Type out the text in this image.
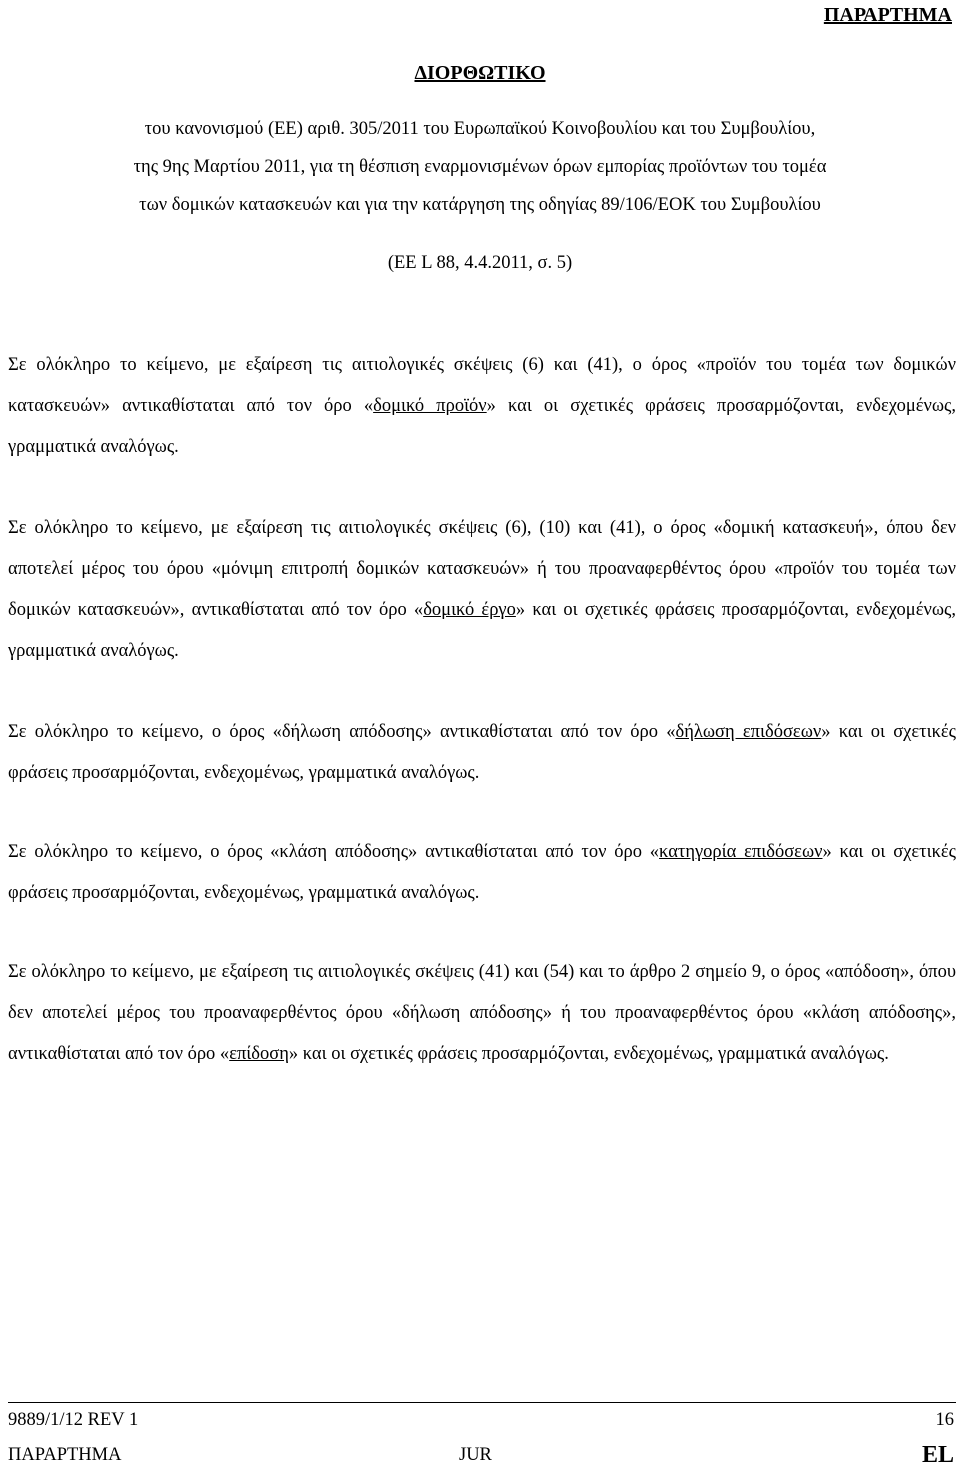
ΠΑΡΑΡΤΗΜΑ
ΔΙΟΡΘΩΤΙΚΟ
του κανονισμού (ΕΕ) αριθ. 305/2011 του Ευρωπαϊκού Κοινοβουλίου και του Συμβουλίου,
της 9ης Μαρτίου 2011, για τη θέσπιση εναρμονισμένων όρων εμπορίας προϊόντων του τομέα
των δομικών κατασκευών και για την κατάργηση της οδηγίας 89/106/ΕΟΚ του Συμβουλίου
(ΕΕ L 88, 4.4.2011, σ. 5)

Σε ολόκληρο το κείμενο, με εξαίρεση τις αιτιολογικές σκέψεις (6) και (41), ο όρος «προϊόν του τομέα των δομικών κατασκευών» αντικαθίσταται από τον όρο «δομικό προϊόν» και οι σχετικές φράσεις προσαρμόζονται, ενδεχομένως, γραμματικά αναλόγως.

Σε ολόκληρο το κείμενο, με εξαίρεση τις αιτιολογικές σκέψεις (6), (10) και (41), ο όρος «δομική κατασκευή», όπου δεν αποτελεί μέρος του όρου «μόνιμη επιτροπή δομικών κατασκευών» ή του προαναφερθέντος όρου «προϊόν του τομέα των δομικών κατασκευών», αντικαθίσταται από τον όρο «δομικό έργο» και οι σχετικές φράσεις προσαρμόζονται, ενδεχομένως, γραμματικά αναλόγως.

Σε ολόκληρο το κείμενο, ο όρος «δήλωση απόδοσης» αντικαθίσταται από τον όρο «δήλωση επιδόσεων» και οι σχετικές φράσεις προσαρμόζονται, ενδεχομένως, γραμματικά αναλόγως.

Σε ολόκληρο το κείμενο, ο όρος «κλάση απόδοσης» αντικαθίσταται από τον όρο «κατηγορία επιδόσεων» και οι σχετικές φράσεις προσαρμόζονται, ενδεχομένως, γραμματικά αναλόγως.

Σε ολόκληρο το κείμενο, με εξαίρεση τις αιτιολογικές σκέψεις (41) και (54) και το άρθρο 2 σημείο 9, ο όρος «απόδοση», όπου δεν αποτελεί μέρος του προαναφερθέντος όρου «δήλωση απόδοσης» ή του προαναφερθέντος όρου «κλάση απόδοσης», αντικαθίσταται από τον όρο «επίδοση» και οι σχετικές φράσεις προσαρμόζονται, ενδεχομένως, γραμματικά αναλόγως.

9889/1/12 REV 1	16
ΠΑΡΑΡΤΗΜΑ	JUR	EL
